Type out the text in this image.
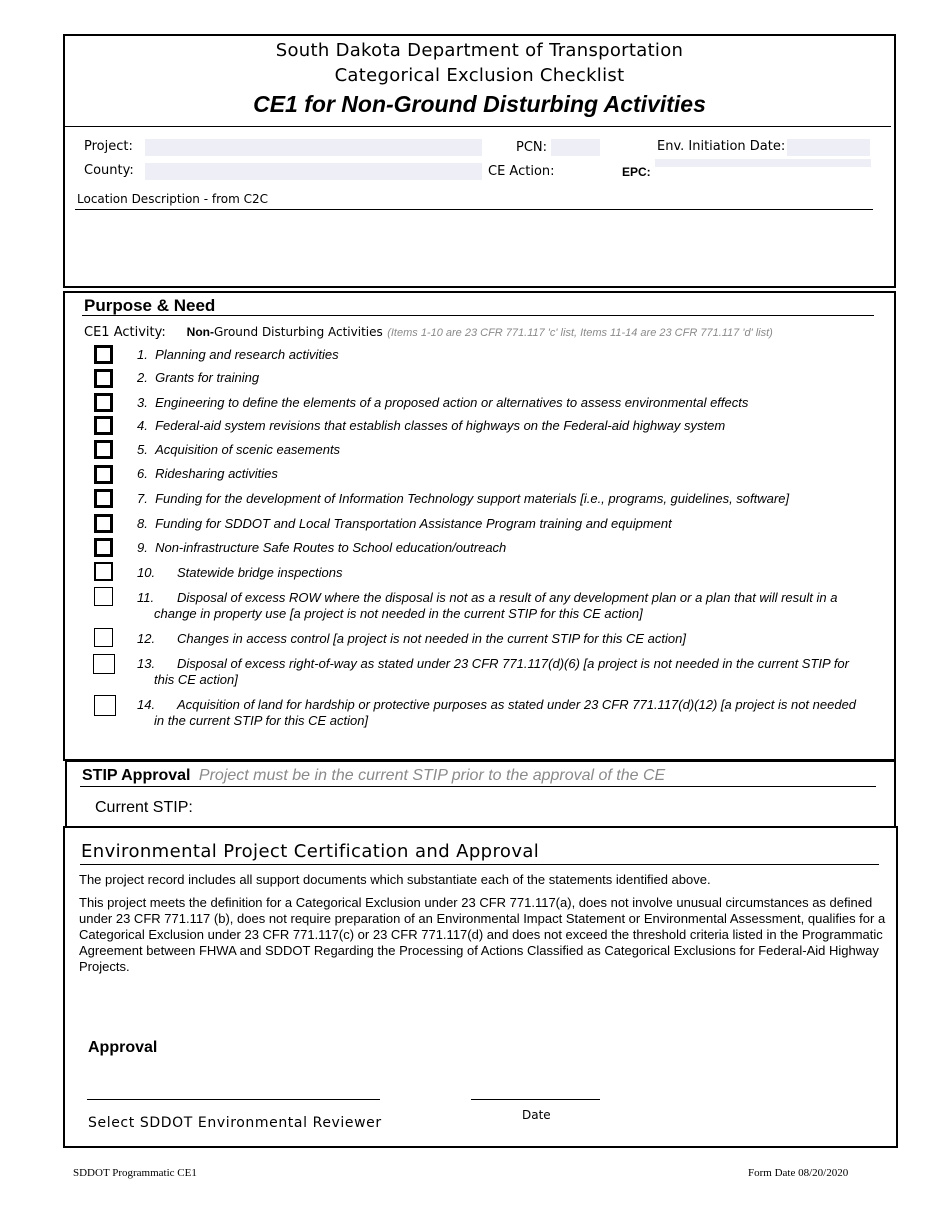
South Dakota Department of Transportation
Categorical Exclusion Checklist
CE1 for Non-Ground Disturbing Activities
Project:	PCN:	Env. Initiation Date:
County:	CE Action:	EPC:
Location Description - from C2C
Purpose & Need
CE1 Activity: Non-Ground Disturbing Activities (Items 1-10 are 23 CFR 771.117 'c' list, Items 11-14 are 23 CFR 771.117 'd' list)
1. Planning and research activities
2. Grants for training
3. Engineering to define the elements of a proposed action or alternatives to assess environmental effects
4. Federal-aid system revisions that establish classes of highways on the Federal-aid highway system
5. Acquisition of scenic easements
6. Ridesharing activities
7. Funding for the development of Information Technology support materials [i.e., programs, guidelines, software]
8. Funding for SDDOT and Local Transportation Assistance Program training and equipment
9. Non-infrastructure Safe Routes to School education/outreach
10. Statewide bridge inspections
11. Disposal of excess ROW where the disposal is not as a result of any development plan or a plan that will result in a
change in property use [a project is not needed in the current STIP for this CE action]
12. Changes in access control [a project is not needed in the current STIP for this CE action]
13. Disposal of excess right-of-way as stated under 23 CFR 771.117(d)(6) [a project is not needed in the current STIP for
this CE action]
14. Acquisition of land for hardship or protective purposes as stated under 23 CFR 771.117(d)(12) [a project is not needed
in the current STIP for this CE action]
STIP Approval Project must be in the current STIP prior to the approval of the CE
Current STIP:
Environmental Project Certification and Approval
The project record includes all support documents which substantiate each of the statements identified above.
This project meets the definition for a Categorical Exclusion under 23 CFR 771.117(a), does not involve unusual circumstances as defined under 23 CFR 771.117 (b), does not require preparation of an Environmental Impact Statement or Environmental Assessment, qualifies for a Categorical Exclusion under 23 CFR 771.117(c) or 23 CFR 771.117(d) and does not exceed the threshold criteria listed in the Programmatic Agreement between FHWA and SDDOT Regarding the Processing of Actions Classified as Categorical Exclusions for Federal-Aid Highway Projects.
Approval
Select SDDOT Environmental Reviewer	Date
SDDOT Programmatic CE1	Form Date 08/20/2020
